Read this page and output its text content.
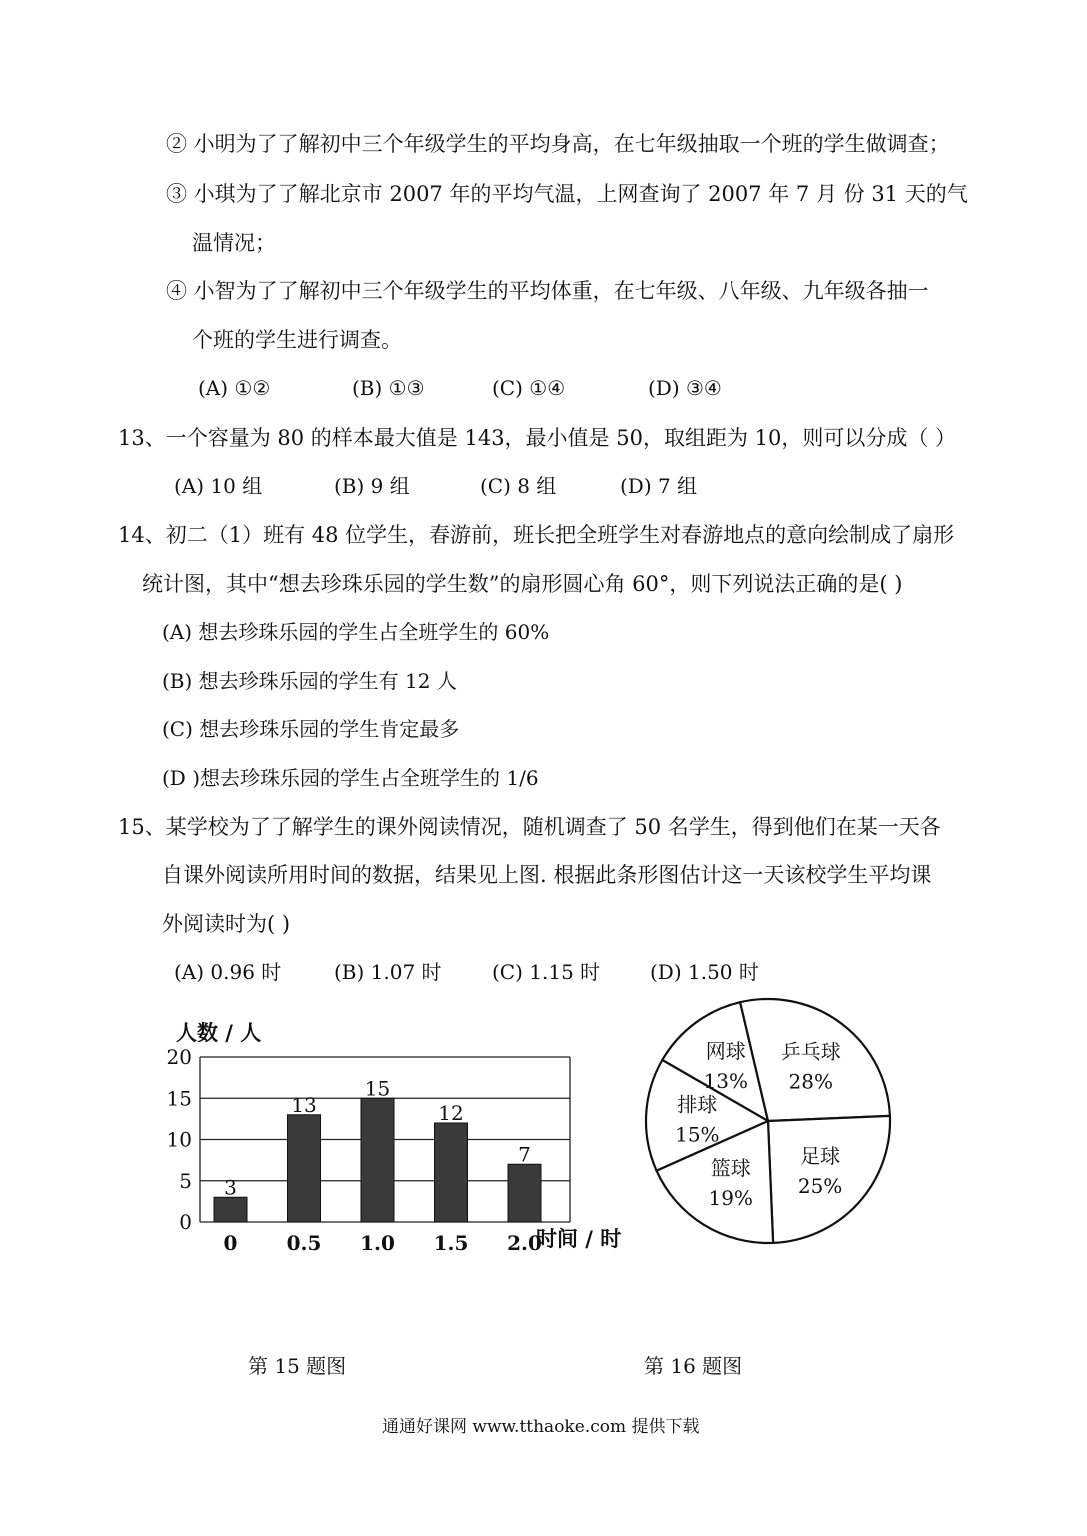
② 小明为了了解初中三个年级学生的平均身高，在七年级抽取一个班的学生做调查；
③ 小琪为了了解北京市 2007 年的平均气温，上网查询了 2007 年 7 月 份 31 天的气
温情况；
④ 小智为了了解初中三个年级学生的平均体重，在七年级、八年级、九年级各抽一
个班的学生进行调查。
(A) ①②	(B) ①③	(C) ①④	(D) ③④
13、一个容量为 80 的样本最大值是 143，最小值是 50，取组距为 10，则可以分成（ ）
(A) 10 组	(B) 9 组	(C) 8 组	(D) 7 组
14、初二（1）班有 48 位学生，春游前，班长把全班学生对春游地点的意向绘制成了扇形
统计图，其中“想去珍珠乐园的学生数”的扇形圆心角 60°，则下列说法正确的是( )
(A) 想去珍珠乐园的学生占全班学生的 60%
(B) 想去珍珠乐园的学生有 12 人
(C) 想去珍珠乐园的学生肯定最多
(D )想去珍珠乐园的学生占全班学生的 1/6
15、某学校为了了解学生的课外阅读情况，随机调查了 50 名学生，得到他们在某一天各
自课外阅读所用时间的数据，结果见上图. 根据此条形图估计这一天该校学生平均课
外阅读时为( )
(A) 0.96 时	(B) 1.07 时	(C) 1.15 时 (D) 1.50 时
人数 / 人
时间 / 时
0
5
10
15
20
3
13
15
12
7
0 0.5 1.0 1.5 2.0
网球
13%
乒乓球
28%
足球
25%
篮球
19%
排球
15%
第 15 题图	第 16 题图
通通好课网 www.tthaoke.com 提供下载
